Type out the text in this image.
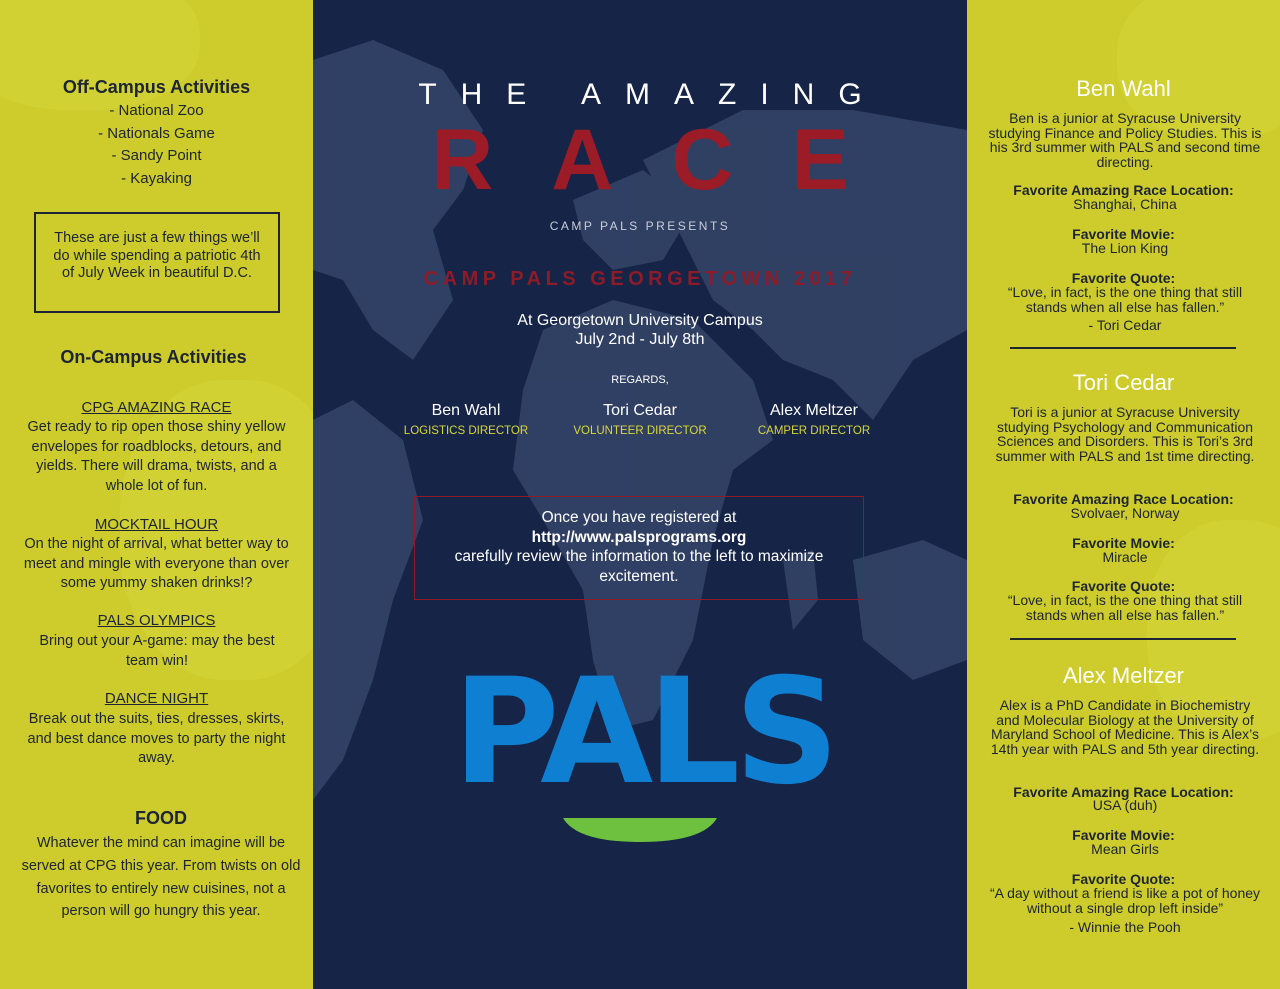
Off-Campus Activities
- National Zoo
- Nationals Game
- Sandy Point
- Kayaking
These are just a few things we’ll do while spending a patriotic 4th of July Week in beautiful D.C.
On-Campus Activities
CPG AMAZING RACE
Get ready to rip open those shiny yellow envelopes for roadblocks, detours, and yields. There will drama, twists, and a whole lot of fun.
MOCKTAIL HOUR
On the night of arrival, what better way to meet and mingle with everyone than over some yummy shaken drinks!?
PALS OLYMPICS
Bring out your A-game: may the best team win!
DANCE NIGHT
Break out the suits, ties, dresses, skirts, and best dance moves to party the night away.
FOOD
Whatever the mind can imagine will be served at CPG this year. From twists on old favorites to entirely new cuisines, not a person will go hungry this year.
THE AMAZING
RACE
CAMP PALS PRESENTS
CAMP PALS GEORGETOWN 2017
At Georgetown University Campus
July 2nd - July 8th
REGARDS,
Ben Wahl
LOGISTICS DIRECTOR
Tori Cedar
VOLUNTEER DIRECTOR
Alex Meltzer
CAMPER DIRECTOR
Once you have registered at
http://www.palsprograms.org
carefully review the information to the left to maximize excitement.
PALS
Ben Wahl
Ben is a junior at Syracuse University studying Finance and Policy Studies. This is his 3rd summer with PALS and second time directing.
Favorite Amazing Race Location:
Shanghai, China
Favorite Movie:
The Lion King
Favorite Quote:
“Love, in fact, is the one thing that still stands when all else has fallen.”
- Tori Cedar
Tori Cedar
Tori is a junior at Syracuse University studying Psychology and Communication Sciences and Disorders. This is Tori’s 3rd summer with PALS and 1st time directing.
Favorite Amazing Race Location:
Svolvaer, Norway
Favorite Movie:
Miracle
Favorite Quote:
“Love, in fact, is the one thing that still stands when all else has fallen.”
Alex Meltzer
Alex is a PhD Candidate in Biochemistry and Molecular Biology at the University of Maryland School of Medicine. This is Alex’s 14th year with PALS and 5th year directing.
Favorite Amazing Race Location:
USA (duh)
Favorite Movie:
Mean Girls
Favorite Quote:
“A day without a friend is like a pot of honey without a single drop left inside”
- Winnie the Pooh
